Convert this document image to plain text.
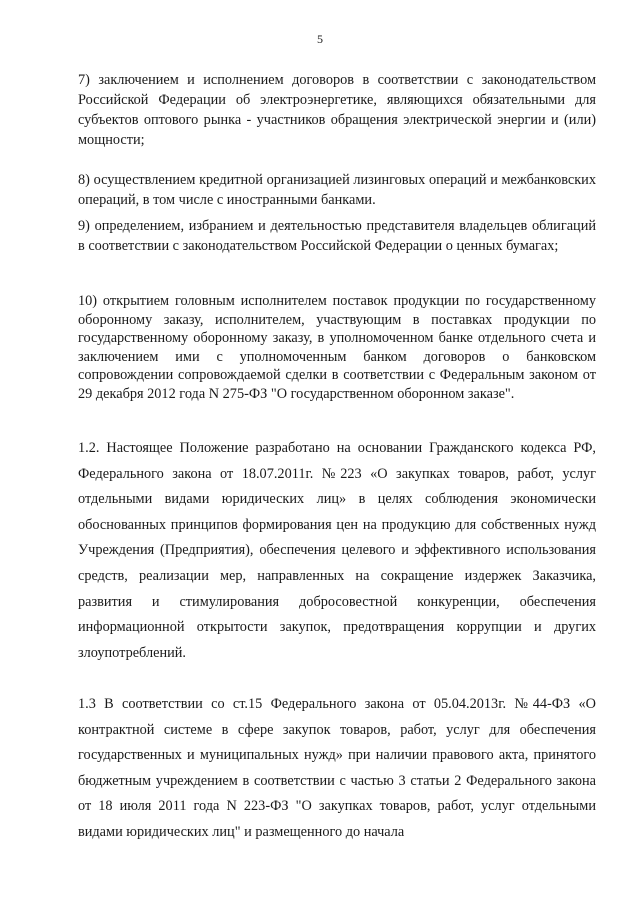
5

7) заключением и исполнением договоров в соответствии с законодательством Российской Федерации об электроэнергетике, являющихся обязательными для субъектов оптового рынка - участников обращения электрической энергии и (или) мощности;

8) осуществлением кредитной организацией лизинговых операций и межбанковских операций, в том числе с иностранными банками.

9) определением, избранием и деятельностью представителя владельцев облигаций в соответствии с законодательством Российской Федерации о ценных бумагах;

10) открытием головным исполнителем поставок продукции по государственному оборонному заказу, исполнителем, участвующим в поставках продукции по государственному оборонному заказу, в уполномоченном банке отдельного счета и заключением ими с уполномоченным банком договоров о банковском сопровождении сопровождаемой сделки в соответствии с Федеральным законом от 29 декабря 2012 года N 275-ФЗ "О государственном оборонном заказе".

1.2. Настоящее Положение разработано на основании Гражданского кодекса РФ, Федерального закона от 18.07.2011г. №223 «О закупках товаров, работ, услуг отдельными видами юридических лиц» в целях соблюдения экономически обоснованных принципов формирования цен на продукцию для собственных нужд Учреждения (Предприятия), обеспечения целевого и эффективного использования средств, реализации мер, направленных на сокращение издержек Заказчика, развития и стимулирования добросовестной конкуренции, обеспечения информационной открытости закупок, предотвращения коррупции и других злоупотреблений.

1.3 В соответствии со ст.15 Федерального закона от 05.04.2013г. №44-ФЗ «О контрактной системе в сфере закупок товаров, работ, услуг для обеспечения государственных и муниципальных нужд» при наличии правового акта, принятого бюджетным учреждением в соответствии с частью 3 статьи 2 Федерального закона от 18 июля 2011 года N 223-ФЗ "О закупках товаров, работ, услуг отдельными видами юридических лиц" и размещенного до начала
